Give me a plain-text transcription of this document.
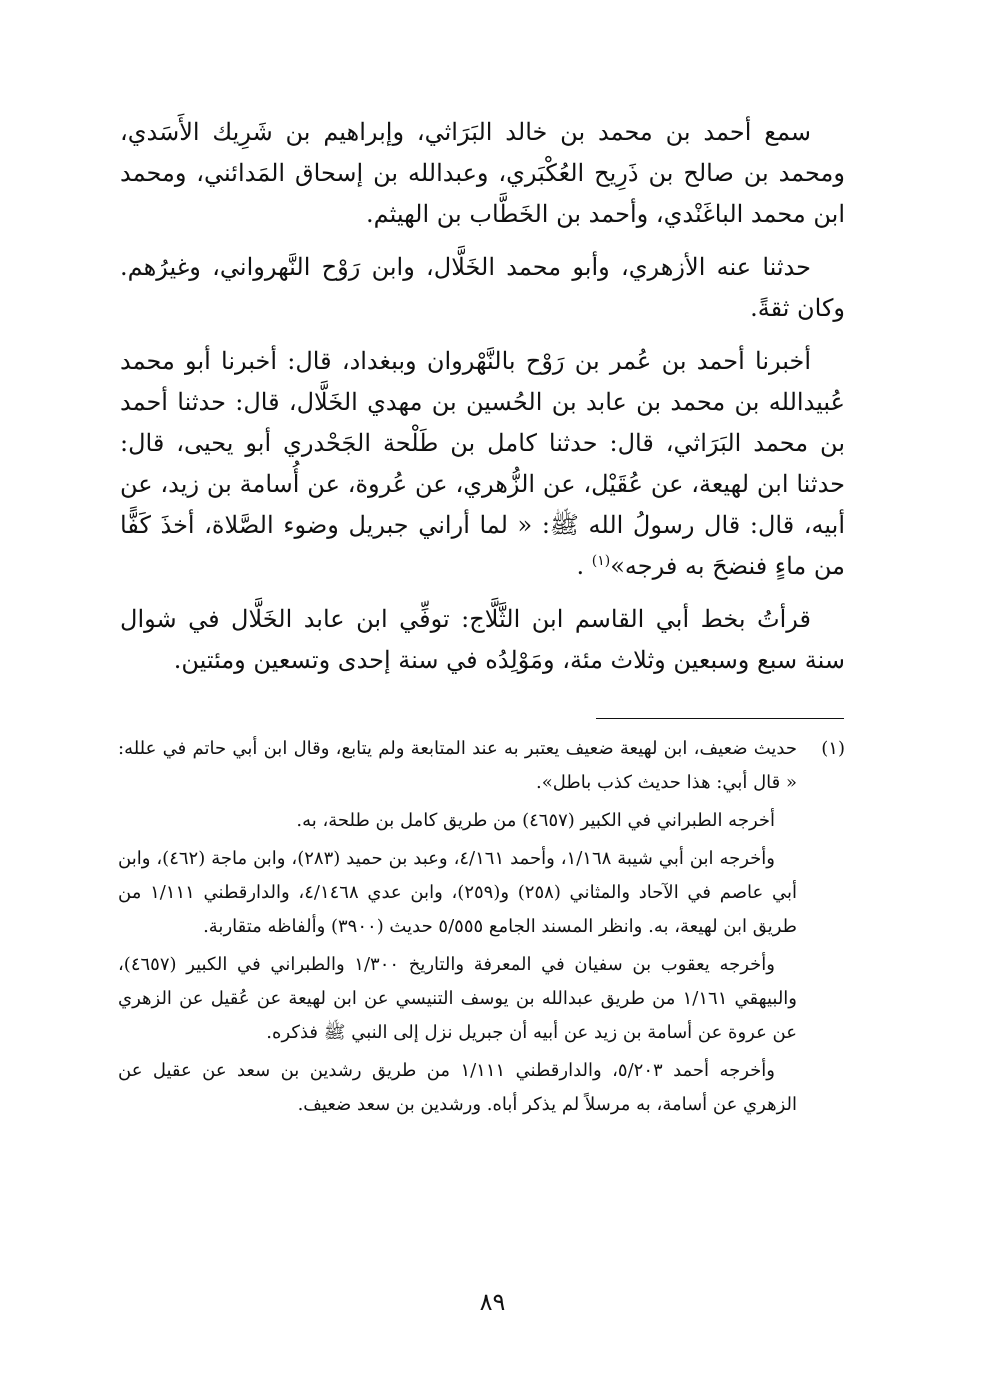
سمع أحمد بن محمد بن خالد البَرَاثي، وإبراهيم بن شَرِيك الأَسَدي، ومحمد بن صالح بن ذَرِيح العُكْبَري، وعبدالله بن إسحاق المَدائني، ومحمد ابن محمد الباغَنْدي، وأحمد بن الخَطَّاب بن الهيثم.

حدثنا عنه الأزهري، وأبو محمد الخَلَّال، وابن رَوْح النَّهرواني، وغيرُهم. وكان ثقةً.

أخبرنا أحمد بن عُمر بن رَوْح بالنَّهْروان وببغداد، قال: أخبرنا أبو محمد عُبيدالله بن محمد بن عابد بن الحُسين بن مهدي الخَلَّال، قال: حدثنا أحمد بن محمد البَرَاثي، قال: حدثنا كامل بن طَلْحة الجَحْدري أبو يحيى، قال: حدثنا ابن لهيعة، عن عُقَيْل، عن الزُّهري، عن عُروة، عن أُسامة بن زيد، عن أبيه، قال: قال رسولُ الله ﷺ: « لما أراني جبريل وضوء الصَّلاة، أخذَ كَفًّا من ماءٍ فنضحَ به فرجه»$^{(١)}$ .

قرأتُ بخط أبي القاسم ابن الثَّلَّاج: توفِّي ابن عابد الخَلَّال في شوال سنة سبع وسبعين وثلاث مئة، ومَوْلِدُه في سنة إحدى وتسعين ومئتين.

(١)

حديث ضعيف، ابن لهيعة ضعيف يعتبر به عند المتابعة ولم يتابع، وقال ابن أبي حاتم في علله: « قال أبي: هذا حديث كذب باطل».

أخرجه الطبراني في الكبير (٤٦٥٧) من طريق كامل بن طلحة، به.

وأخرجه ابن أبي شيبة ١/١٦٨، وأحمد ٤/١٦١، وعبد بن حميد (٢٨٣)، وابن ماجة (٤٦٢)، وابن أبي عاصم في الآحاد والمثاني (٢٥٨) و(٢٥٩)، وابن عدي ٤/١٤٦٨، والدارقطني ١/١١١ من طريق ابن لهيعة، به. وانظر المسند الجامع ٥/٥٥٥ حديث (٣٩٠٠) وألفاظه متقاربة.

وأخرجه يعقوب بن سفيان في المعرفة والتاريخ ١/٣٠٠ والطبراني في الكبير (٤٦٥٧)، والبيهقي ١/١٦١ من طريق عبدالله بن يوسف التنيسي عن ابن لهيعة عن عُقيل عن الزهري عن عروة عن أسامة بن زيد عن أبيه أن جبريل نزل إلى النبي ﷺ فذكره.

وأخرجه أحمد ٥/٢٠٣، والدارقطني ١/١١١ من طريق رشدين بن سعد عن عقيل عن الزهري عن أسامة، به مرسلاً لم يذكر أباه. ورشدين بن سعد ضعيف.

٨٩
